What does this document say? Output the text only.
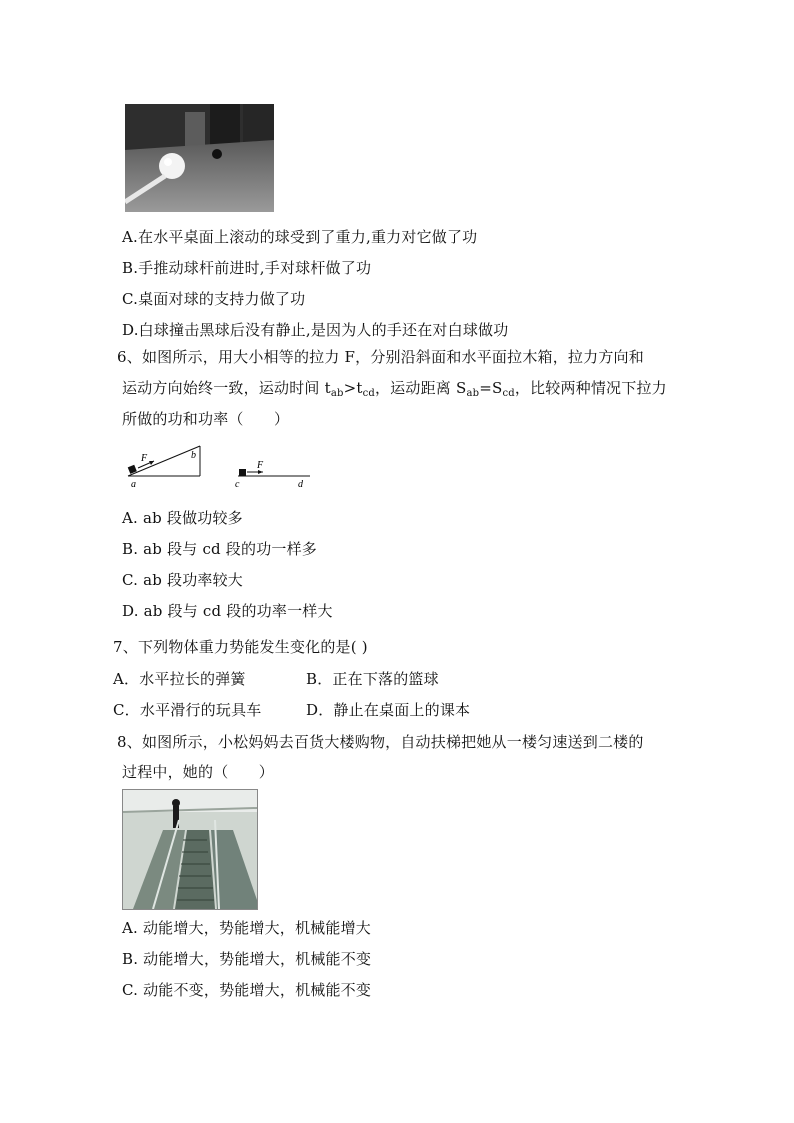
A.在水平桌面上滚动的球受到了重力,重力对它做了功
B.手推动球杆前进时,手对球杆做了功
C.桌面对球的支持力做了功
D.白球撞击黑球后没有静止,是因为人的手还在对白球做功
6、如图所示，用大小相等的拉力 F，分别沿斜面和水平面拉木箱，拉力方向和
运动方向始终一致，运动时间 $t_{ab}>t_{cd}$，运动距离 $S_{ab}=S_{cd}$，比较两种情况下拉力
所做的功和功率（　　）
F
a
b
F
c	d
A. ab 段做功较多
B. ab 段与 cd 段的功一样多
C. ab 段功率较大
D. ab 段与 cd 段的功率一样大
7、下列物体重力势能发生变化的是( )
A．水平拉长的弹簧	B．正在下落的篮球
C．水平滑行的玩具车	D．静止在桌面上的课本
8、如图所示，小松妈妈去百货大楼购物，自动扶梯把她从一楼匀速送到二楼的
过程中，她的（　　）
A. 动能增大，势能增大，机械能增大
B. 动能增大，势能增大，机械能不变
C. 动能不变，势能增大，机械能不变
